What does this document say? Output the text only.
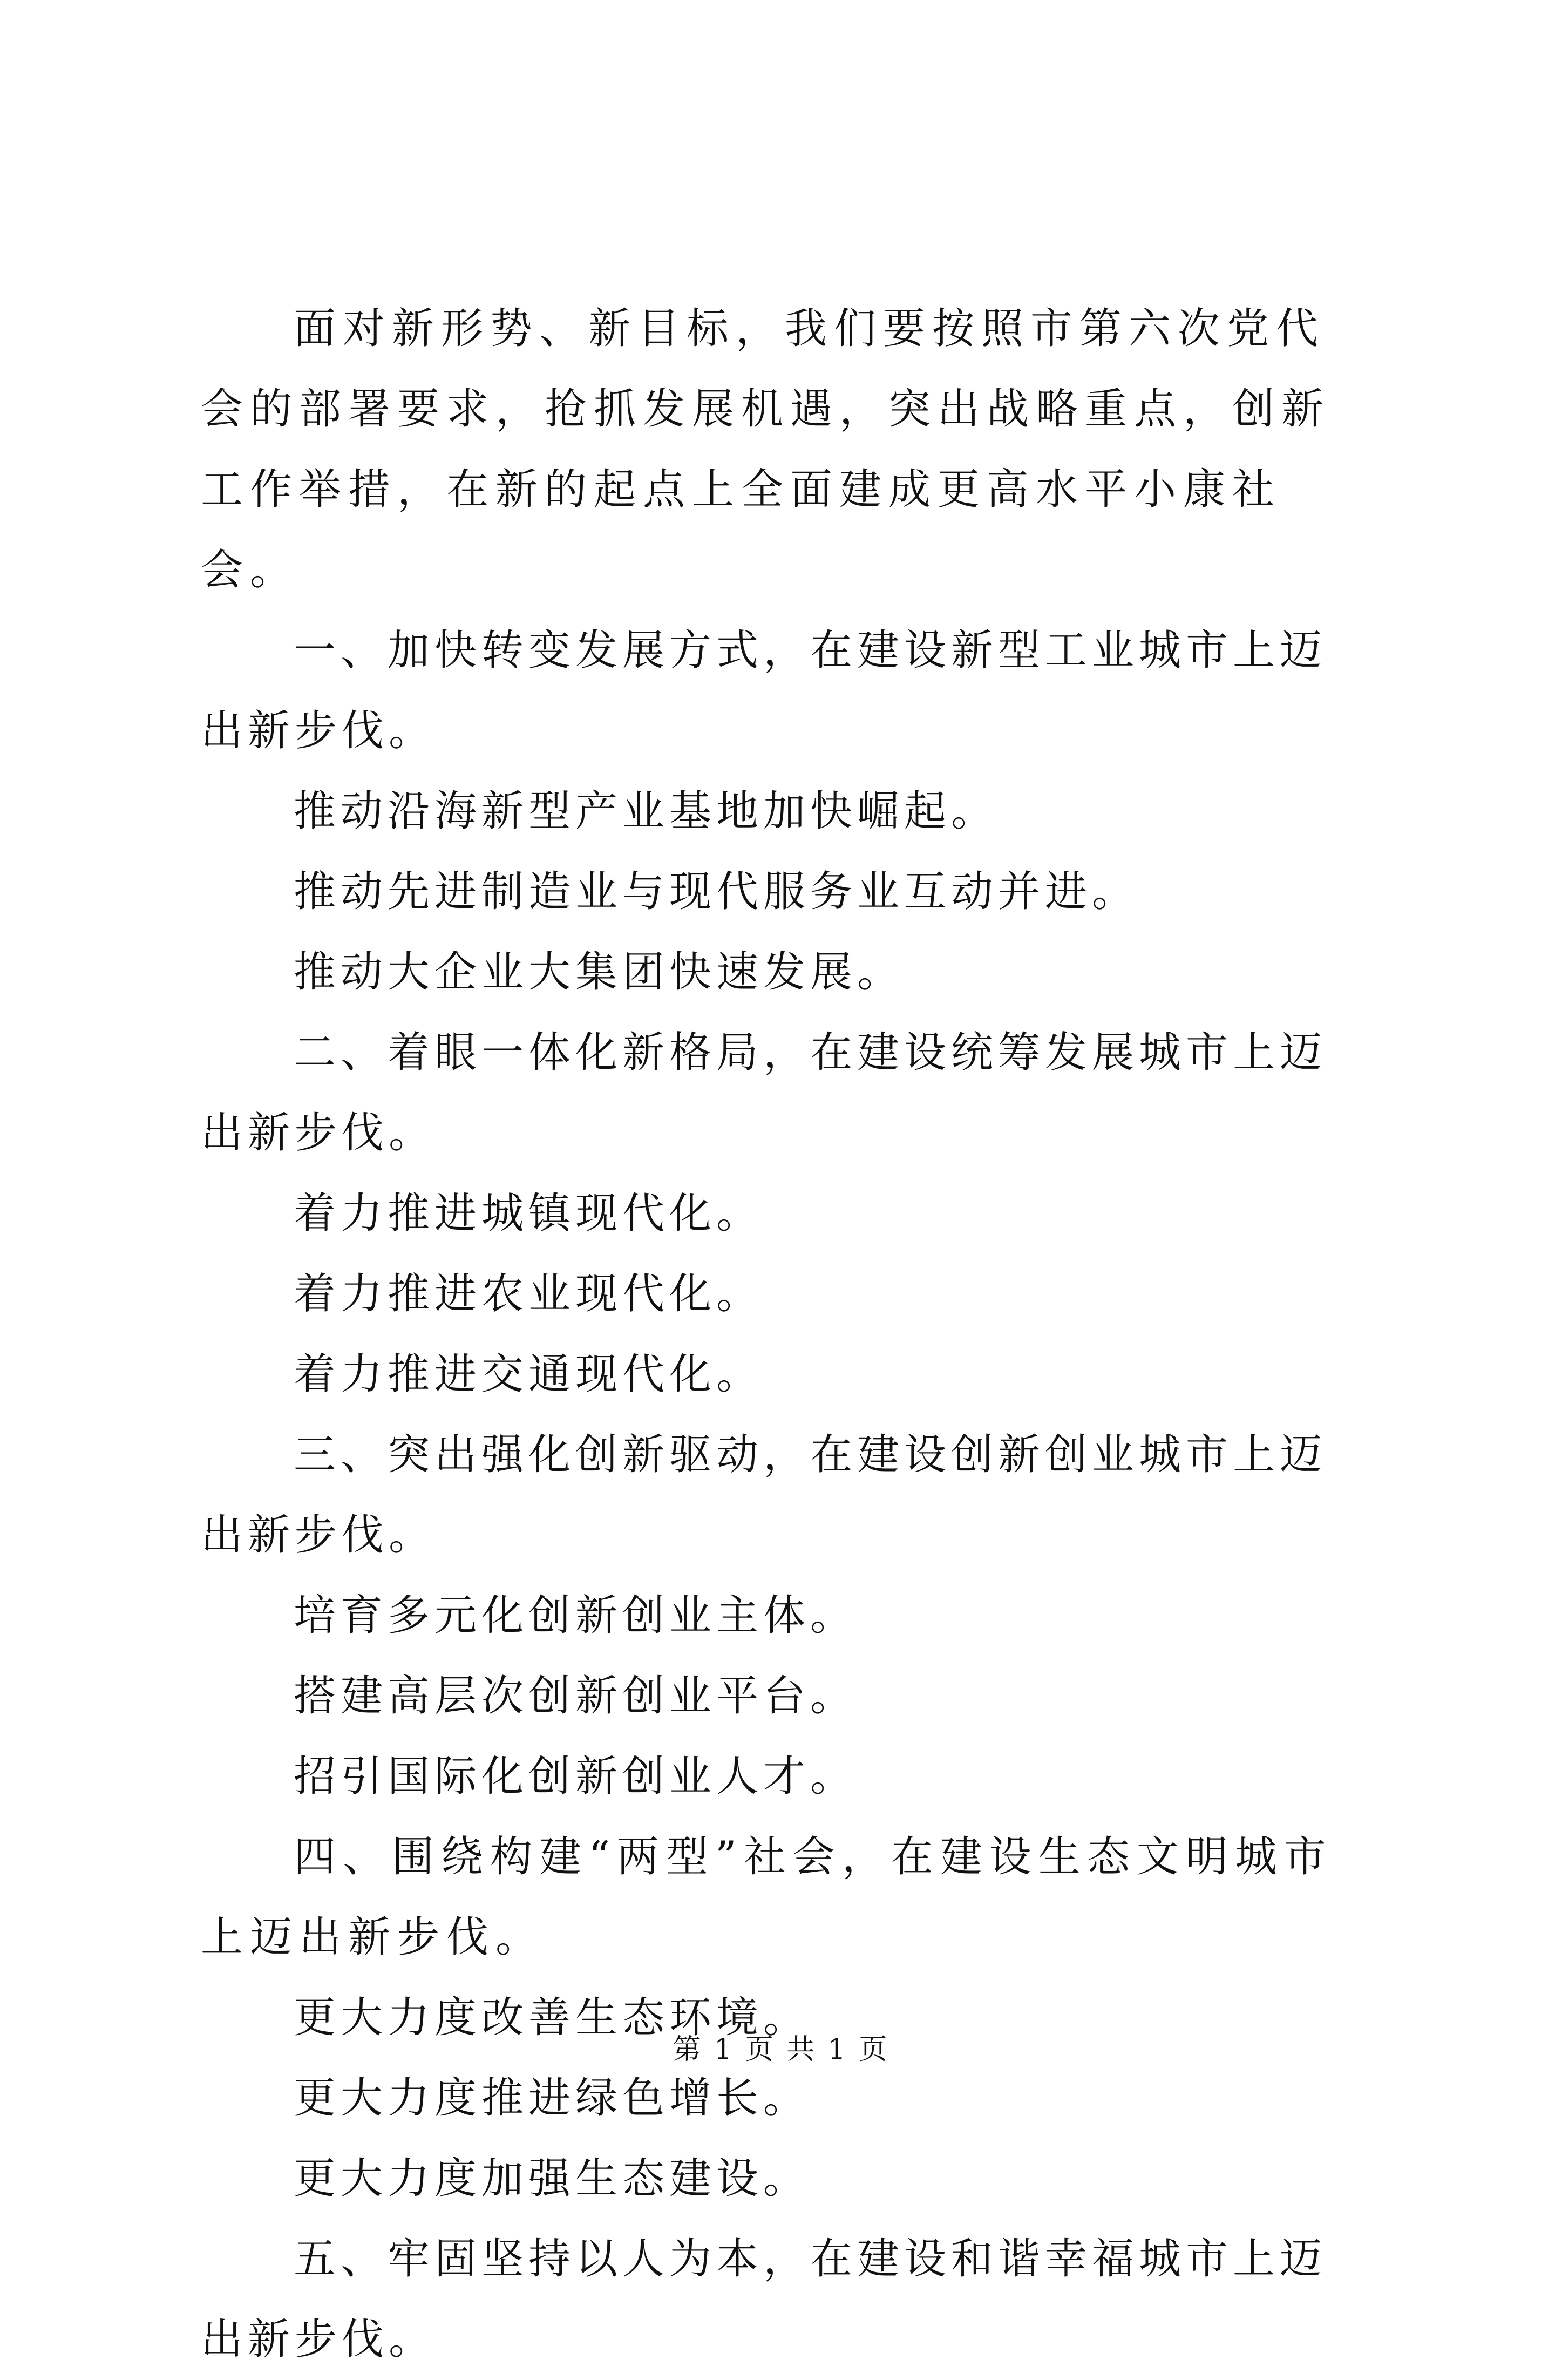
面对新形势、新目标，我们要按照市第六次党代会的部署要求，抢抓发展机遇，突出战略重点，创新工作举措，在新的起点上全面建成更高水平小康社会。

一、加快转变发展方式，在建设新型工业城市上迈出新步伐。

推动沿海新型产业基地加快崛起。

推动先进制造业与现代服务业互动并进。

推动大企业大集团快速发展。

二、着眼一体化新格局，在建设统筹发展城市上迈出新步伐。

着力推进城镇现代化。

着力推进农业现代化。

着力推进交通现代化。

三、突出强化创新驱动，在建设创新创业城市上迈出新步伐。

培育多元化创新创业主体。

搭建高层次创新创业平台。

招引国际化创新创业人才。

四、围绕构建“两型”社会，在建设生态文明城市上迈出新步伐。

更大力度改善生态环境。

更大力度推进绿色增长。

更大力度加强生态建设。

五、牢固坚持以人为本，在建设和谐幸福城市上迈出新步伐。

第 1 页 共 1 页
